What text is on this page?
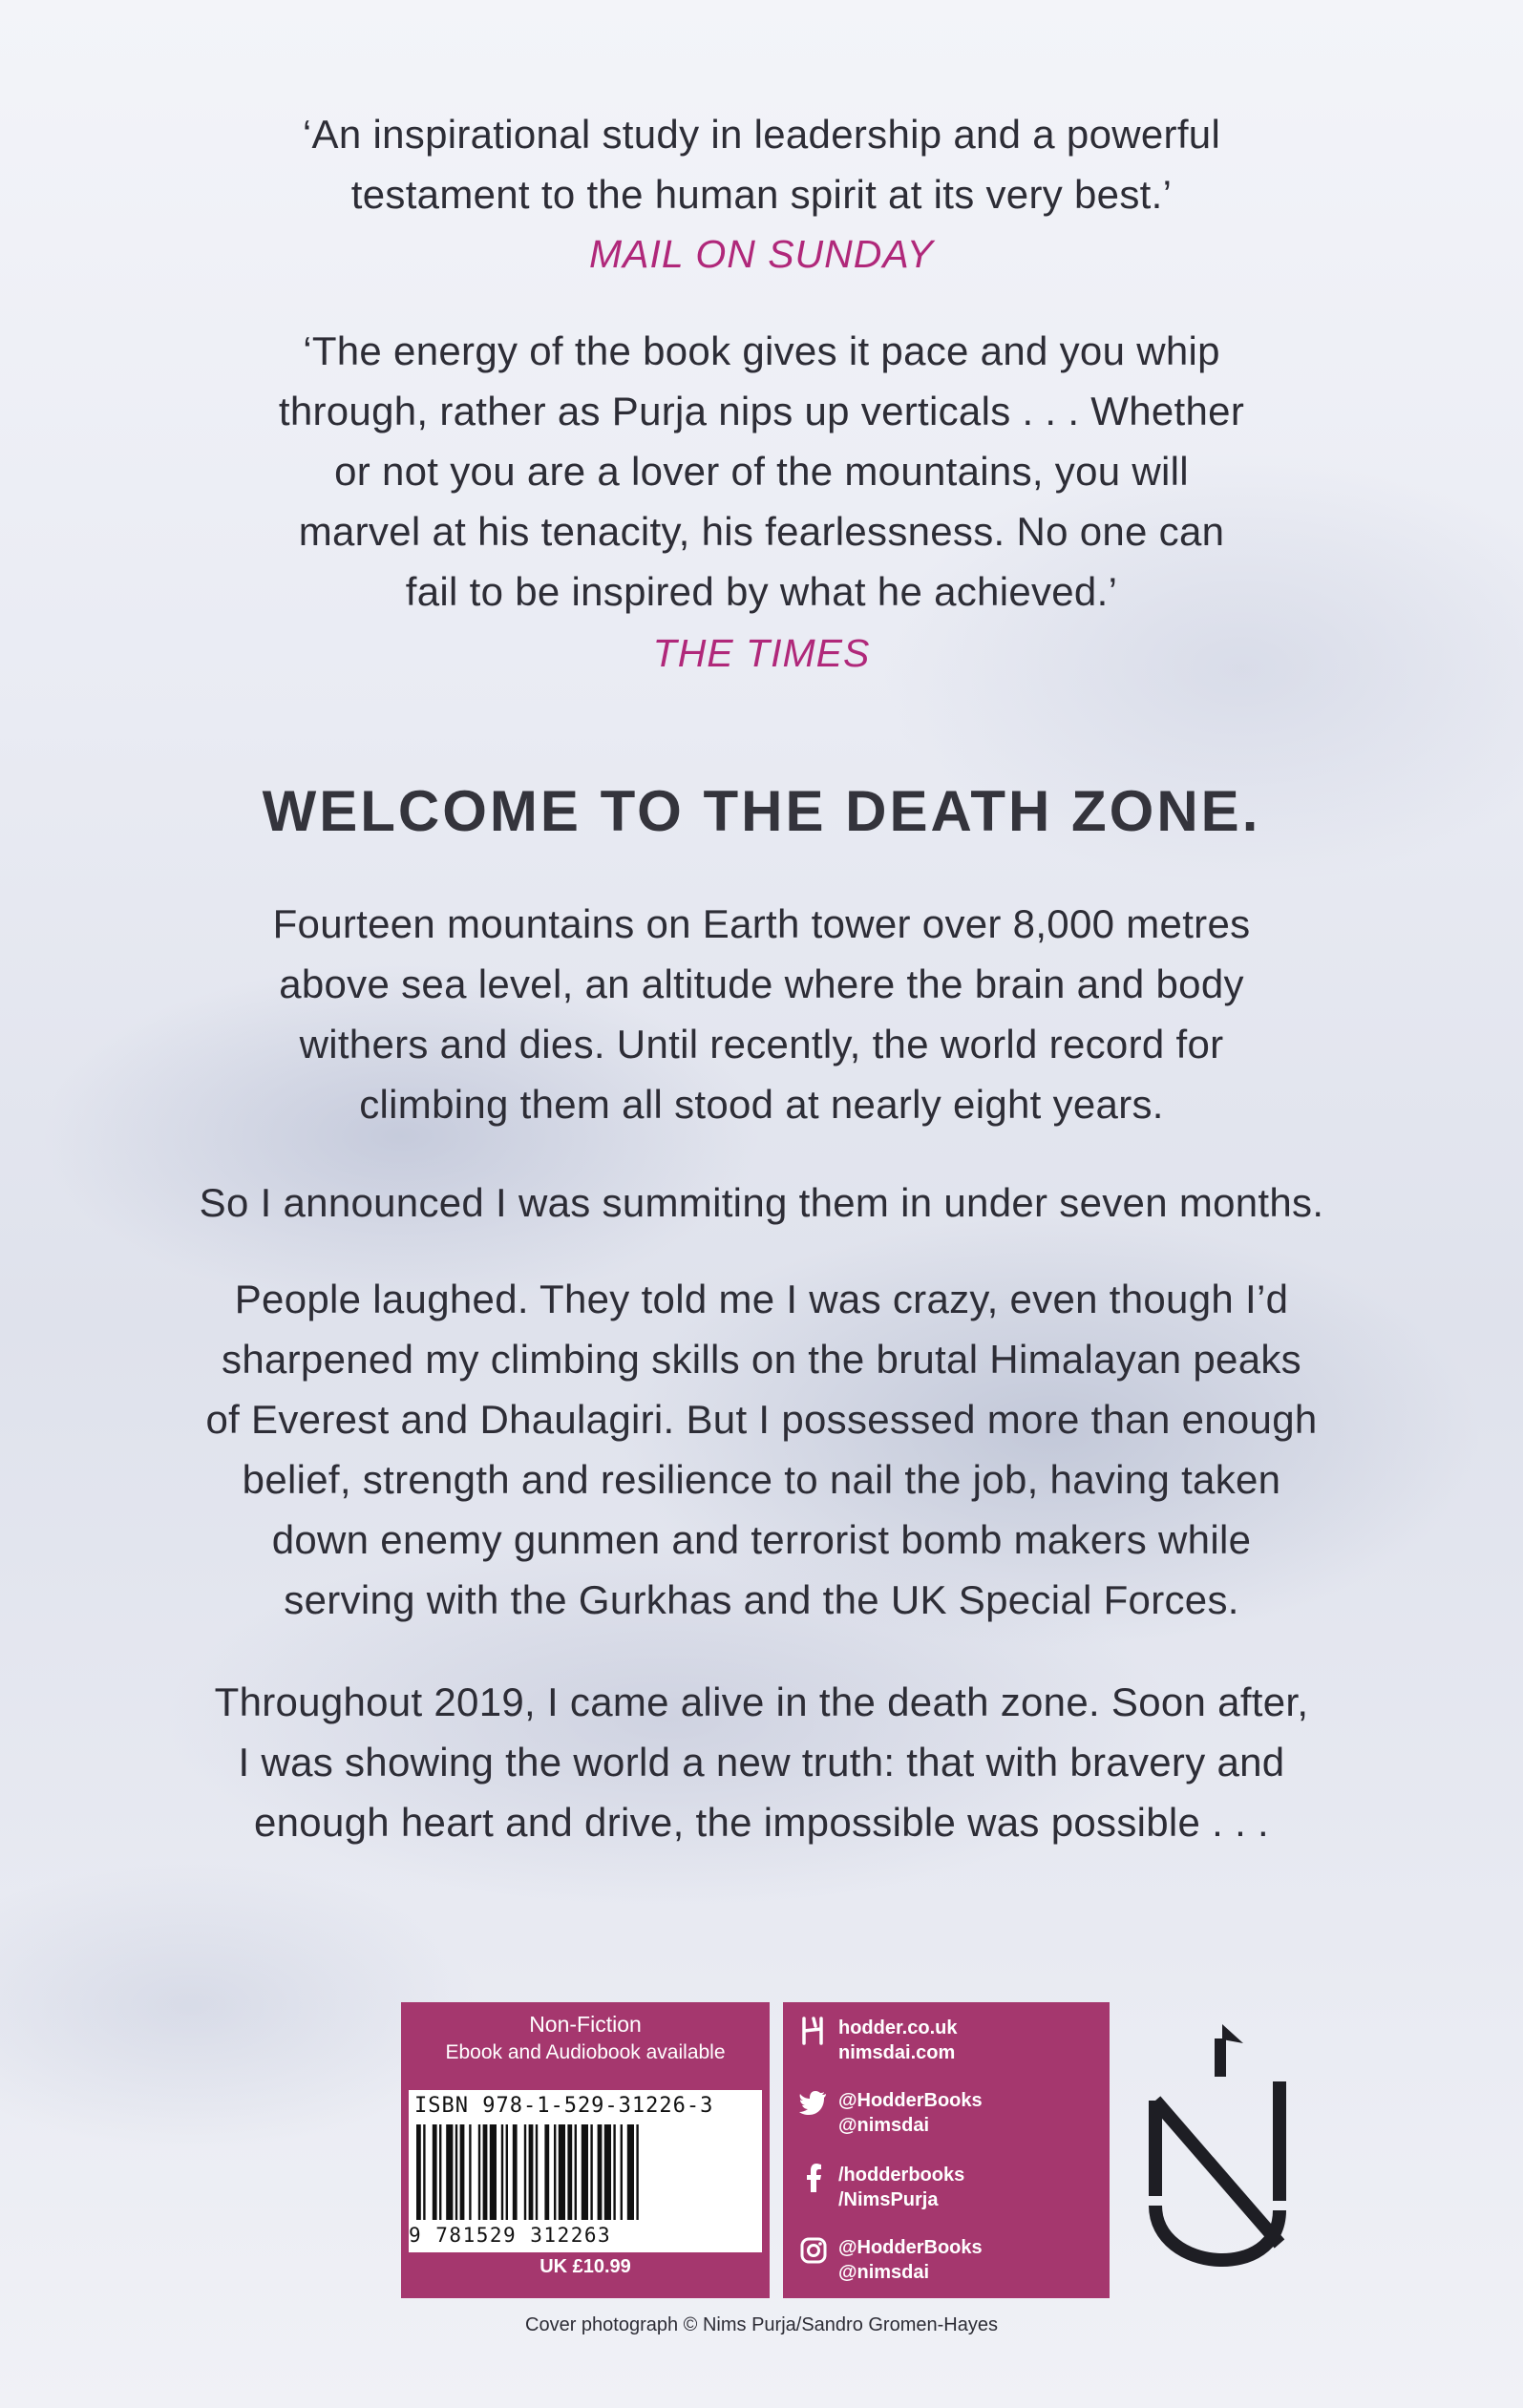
‘An inspirational study in leadership and a powerful
testament to the human spirit at its very best.’
MAIL ON SUNDAY
‘The energy of the book gives it pace and you whip
through, rather as Purja nips up verticals . . . Whether
or not you are a lover of the mountains, you will
marvel at his tenacity, his fearlessness. No one can
fail to be inspired by what he achieved.’
THE TIMES
WELCOME TO THE DEATH ZONE.
Fourteen mountains on Earth tower over 8,000 metres
above sea level, an altitude where the brain and body
withers and dies. Until recently, the world record for
climbing them all stood at nearly eight years.
So I announced I was summiting them in under seven months.
People laughed. They told me I was crazy, even though I’d
sharpened my climbing skills on the brutal Himalayan peaks
of Everest and Dhaulagiri. But I possessed more than enough
belief, strength and resilience to nail the job, having taken
down enemy gunmen and terrorist bomb makers while
serving with the Gurkhas and the UK Special Forces.
Throughout 2019, I came alive in the death zone. Soon after,
I was showing the world a new truth: that with bravery and
enough heart and drive, the impossible was possible . . .
Non-Fiction
Ebook and Audiobook available
ISBN 978-1-529-31226-3
9 781529 312263
UK £10.99
hodder.co.uk
nimsdai.com
@HodderBooks
@nimsdai
/hodderbooks
/NimsPurja
@HodderBooks
@nimsdai
Cover photograph © Nims Purja/Sandro Gromen-Hayes
